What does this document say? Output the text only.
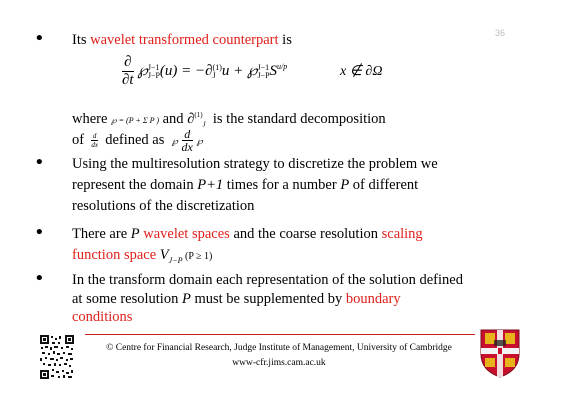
36
• Its wavelet transformed counterpart is
$\frac{\partial}{\partial t}$ ℘ J−1
J−P (u) = −∂ (1)
J u + ℘ J−1
J−P $S^{u/p}$	x ∉ ∂Ω
where ℘ = (P + Σ P ) and ∂$^{(1)}_J$ is the standard decomposition
of $\frac{d}{dx}$ defined as ℘ $\frac{d}{dx}$ ℘
• Using the multiresolution strategy to discretize the problem we
represent the domain P+1 times for a number P of different
resolutions of the discretization
• There are P wavelet spaces and the coarse resolution scaling
function space $V_{J-P}$ (P ≥ 1)
• In the transform domain each representation of the solution defined
at some resolution P must be supplemented by boundary
conditions
© Centre for Financial Research, Judge Institute of Management, University of Cambridge
www-cfr.jims.cam.ac.uk
